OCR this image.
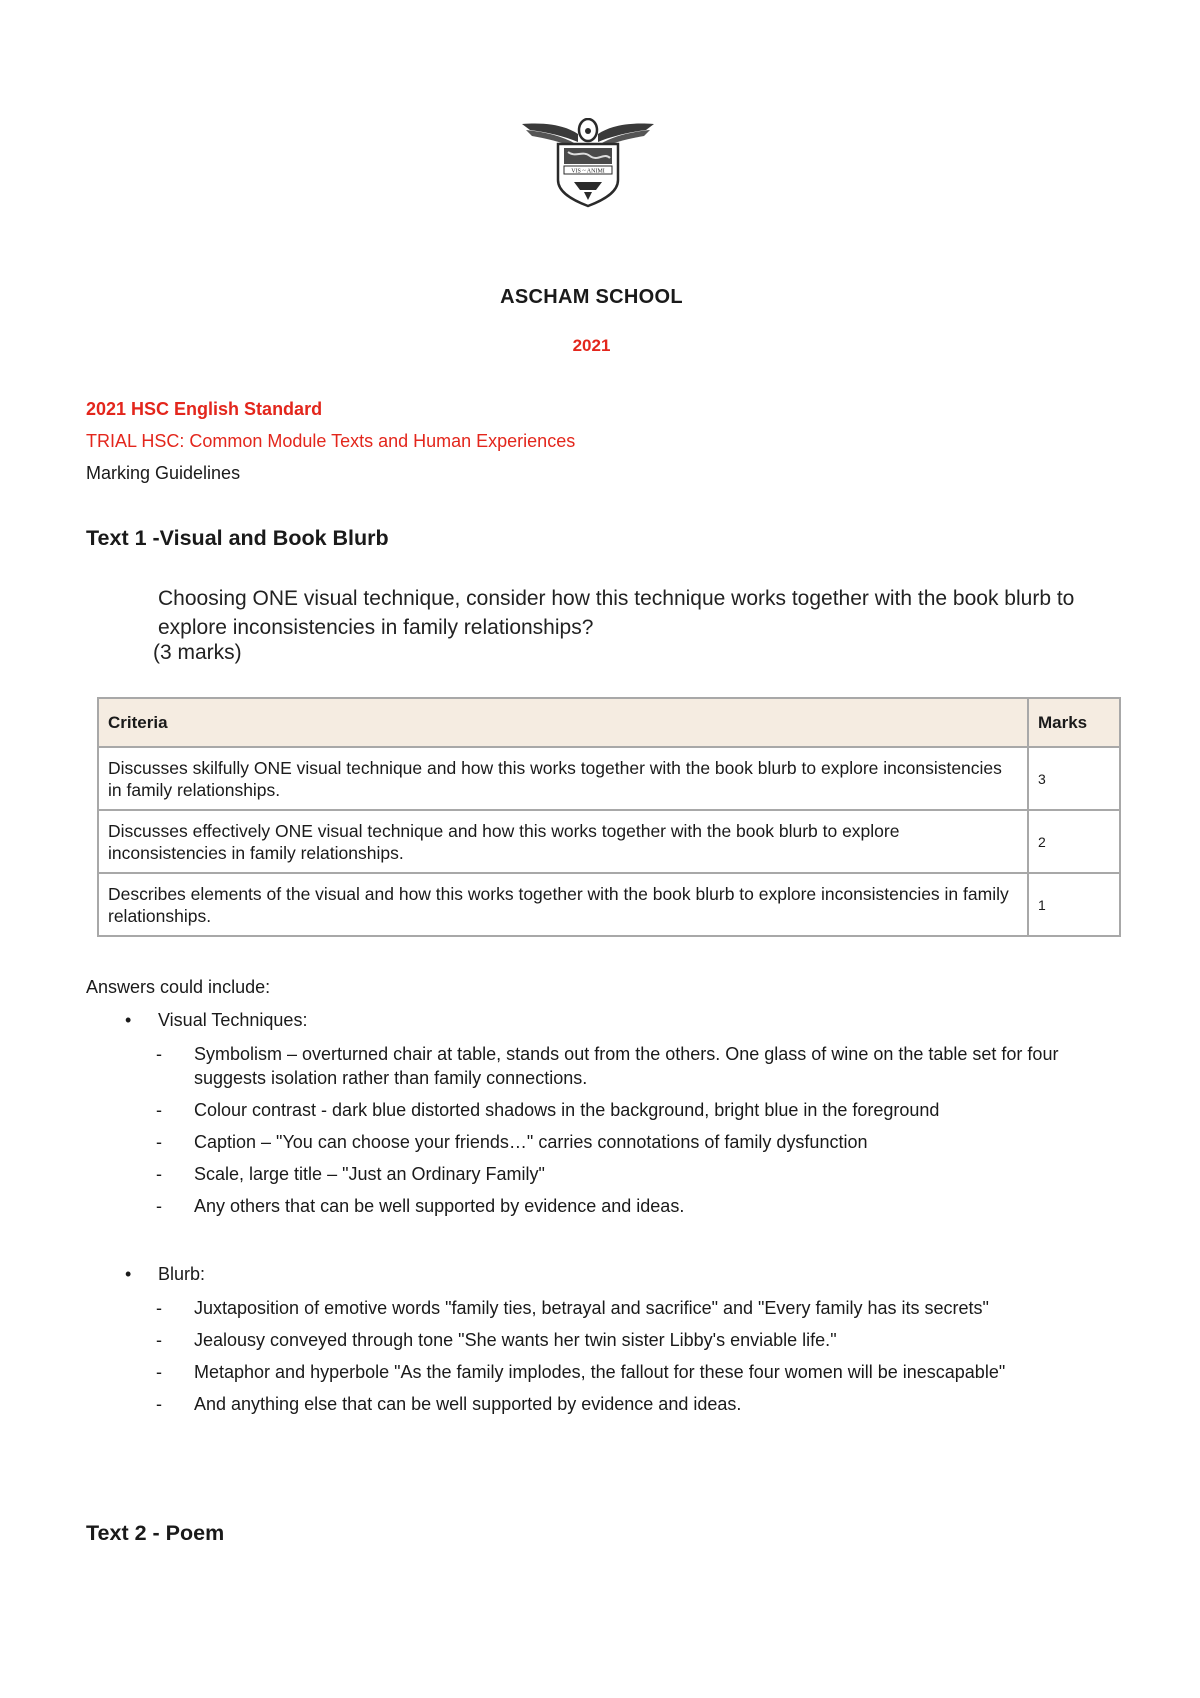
VIS ~ ANIMI
ASCHAM SCHOOL
2021
2021 HSC English Standard
TRIAL HSC: Common Module Texts and Human Experiences
Marking Guidelines
Text 1 -Visual and Book Blurb
Choosing ONE visual technique, consider how this technique works together with the book blurb to explore inconsistencies in family relationships?
(3 marks)
Criteria	Marks
Discusses skilfully ONE visual technique and how this works together with the book blurb to explore inconsistencies in family relationships.	3
Discusses effectively ONE visual technique and how this works together with the book blurb to explore inconsistencies in family relationships.	2
Describes elements of the visual and how this works together with the book blurb to explore inconsistencies in family relationships.	1
Answers could include:
• Visual Techniques:
- Symbolism – overturned chair at table, stands out from the others. One glass of wine on the table set for four suggests isolation rather than family connections.
- Colour contrast - dark blue distorted shadows in the background, bright blue in the foreground
- Caption – "You can choose your friends…" carries connotations of family dysfunction
- Scale, large title – "Just an Ordinary Family"
- Any others that can be well supported by evidence and ideas.
• Blurb:
- Juxtaposition of emotive words "family ties, betrayal and sacrifice" and "Every family has its secrets"
- Jealousy conveyed through tone "She wants her twin sister Libby's enviable life."
- Metaphor and hyperbole "As the family implodes, the fallout for these four women will be inescapable"
- And anything else that can be well supported by evidence and ideas.
Text 2 - Poem
